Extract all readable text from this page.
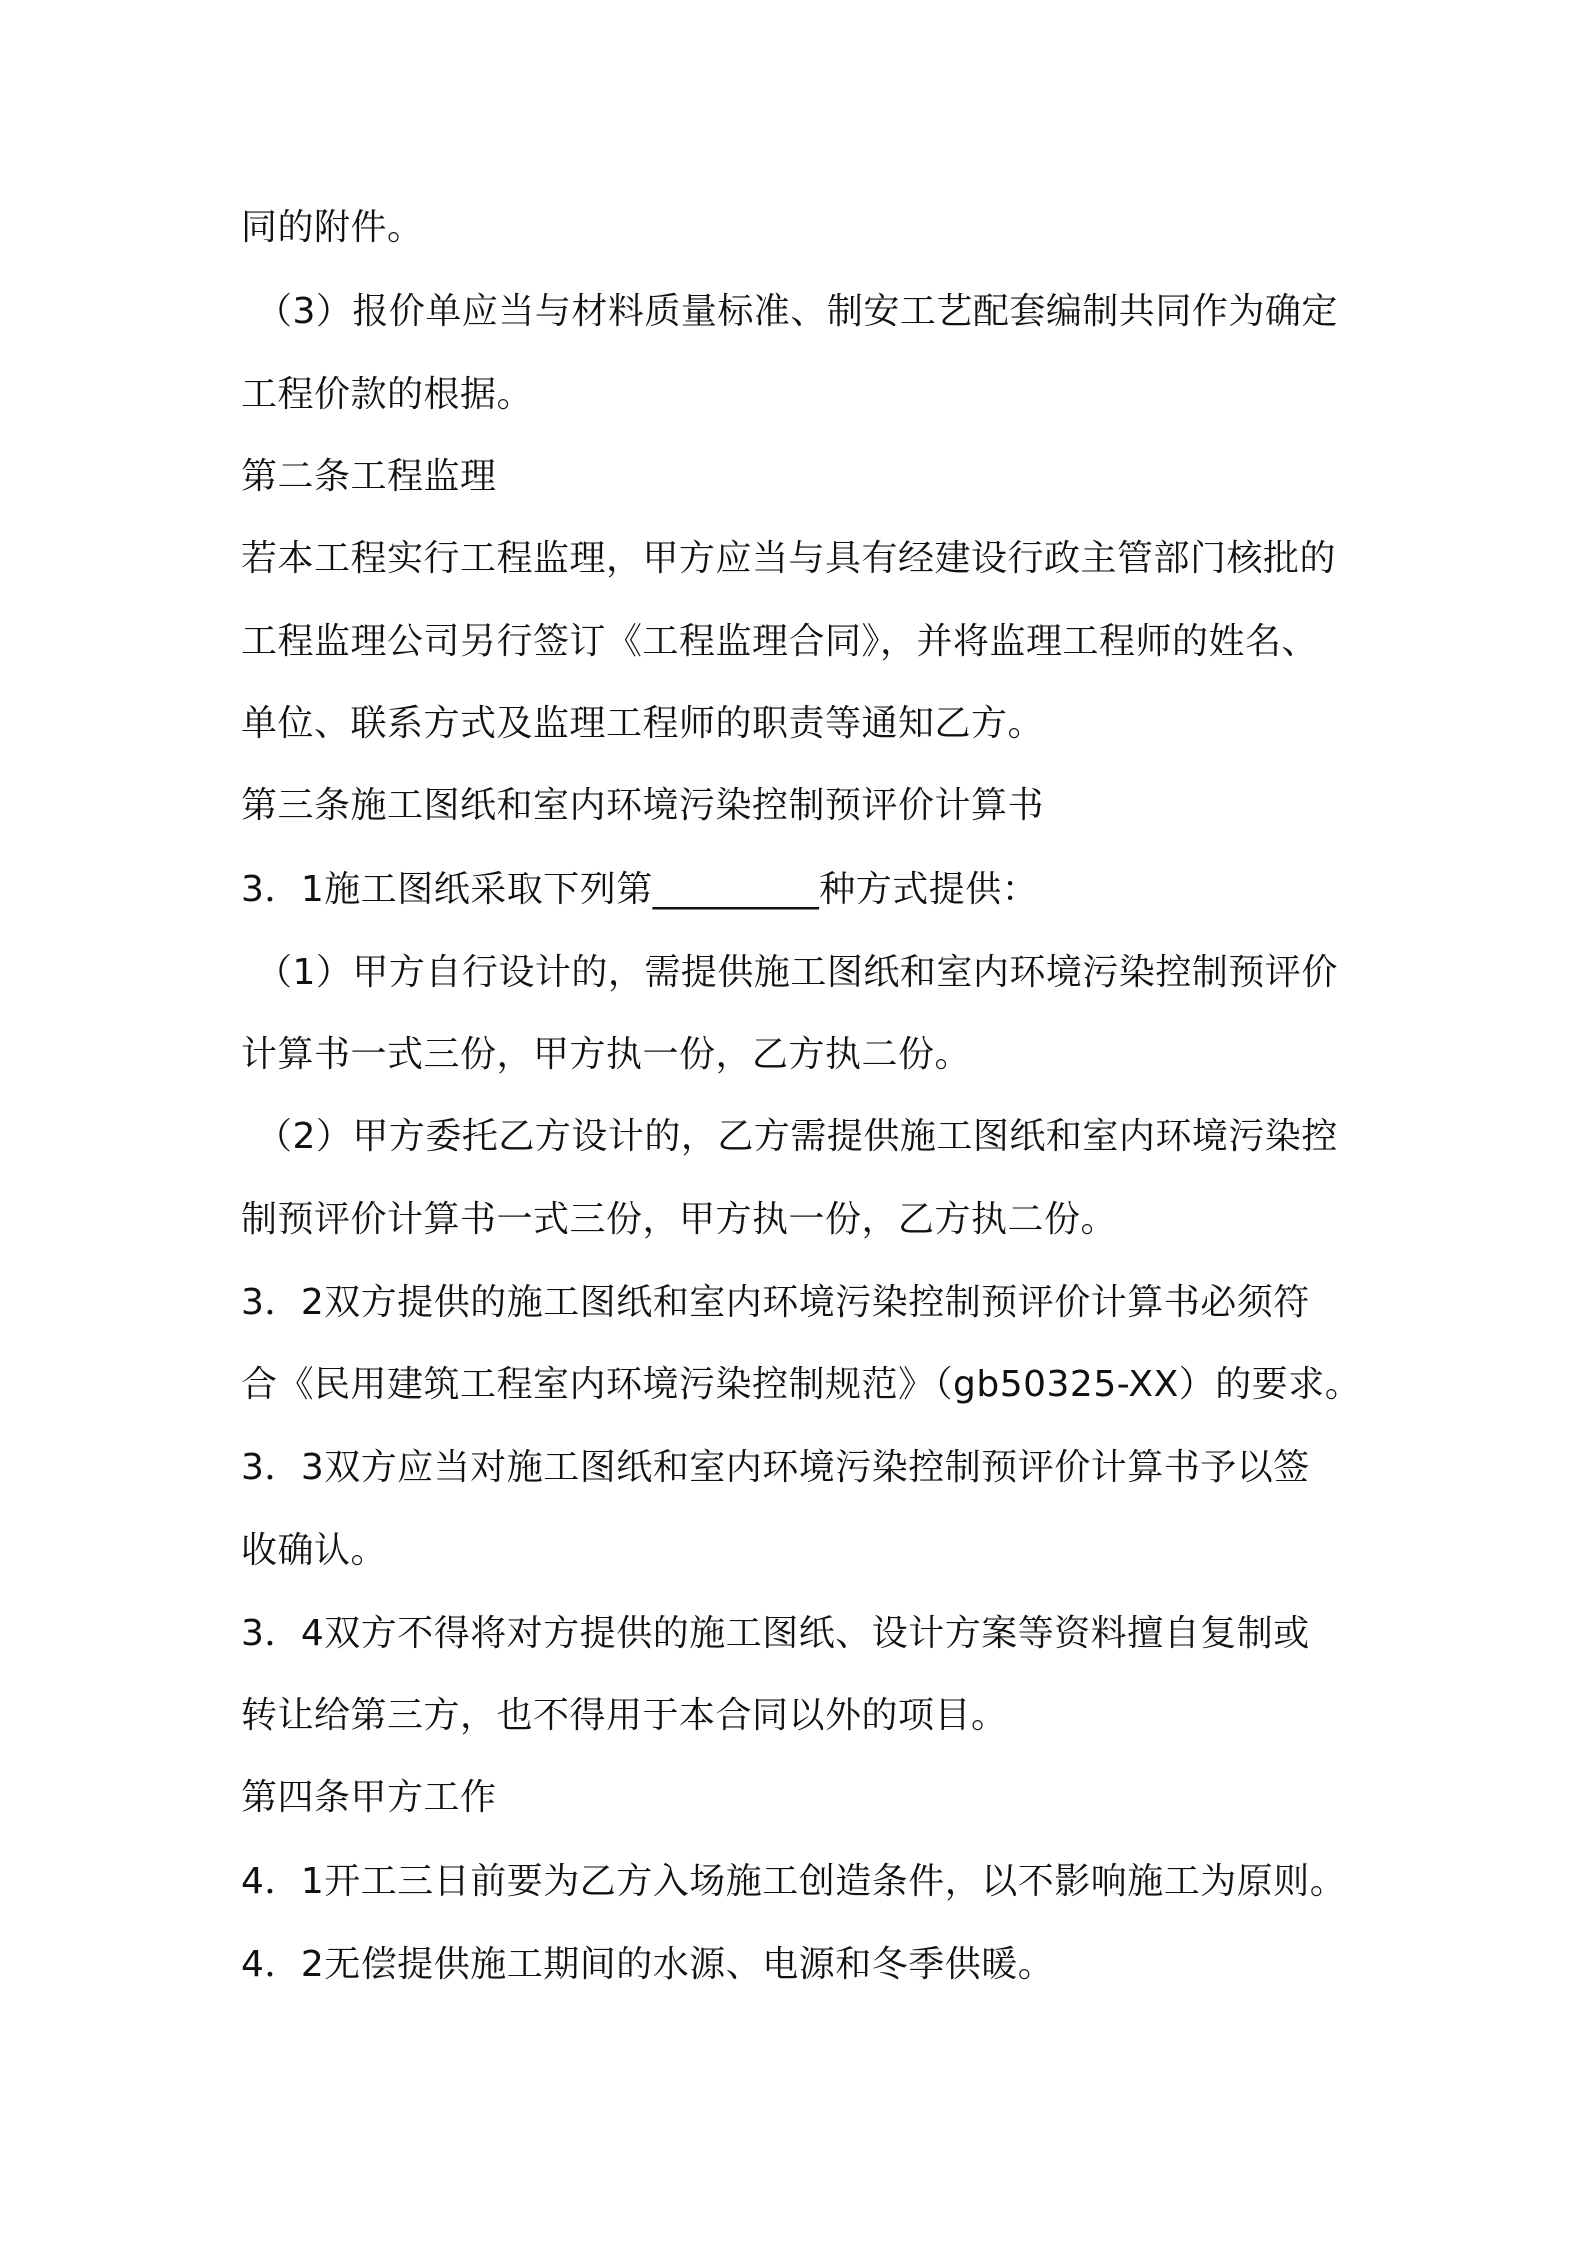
同的附件。

（3）报价单应当与材料质量标准、制安工艺配套编制共同作为确定

工程价款的根据。

第二条工程监理

若本工程实行工程监理，甲方应当与具有经建设行政主管部门核批的

工程监理公司另行签订《工程监理合同》，并将监理工程师的姓名、

单位、联系方式及监理工程师的职责等通知乙方。

第三条施工图纸和室内环境污染控制预评价计算书

3．1施工图纸采取下列第_________种方式提供：

（1）甲方自行设计的，需提供施工图纸和室内环境污染控制预评价

计算书一式三份，甲方执一份，乙方执二份。

（2）甲方委托乙方设计的，乙方需提供施工图纸和室内环境污染控

制预评价计算书一式三份，甲方执一份，乙方执二份。

3．2双方提供的施工图纸和室内环境污染控制预评价计算书必须符

合《民用建筑工程室内环境污染控制规范》（gb50325-XX）的要求。

3．3双方应当对施工图纸和室内环境污染控制预评价计算书予以签

收确认。

3．4双方不得将对方提供的施工图纸、设计方案等资料擅自复制或

转让给第三方，也不得用于本合同以外的项目。

第四条甲方工作

4．1开工三日前要为乙方入场施工创造条件，以不影响施工为原则。

4．2无偿提供施工期间的水源、电源和冬季供暖。
